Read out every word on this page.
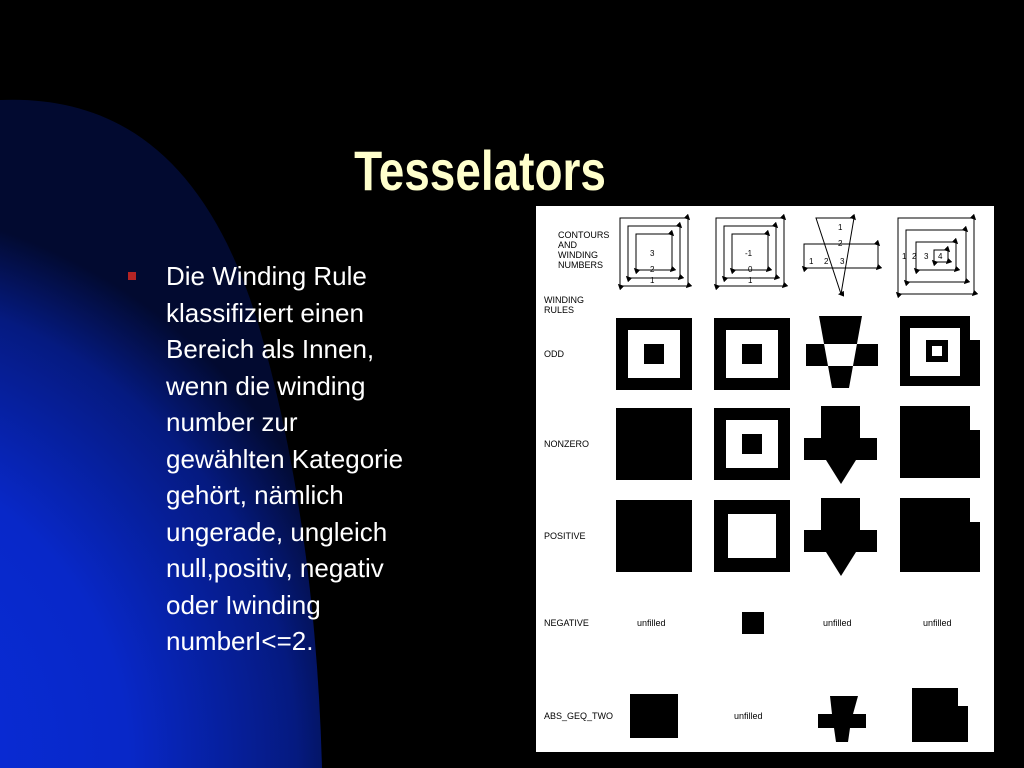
Tesselators
Die Winding Rule
klassifiziert einen
Bereich als Innen,
wenn die winding
number zur
gewählten Kategorie
gehört, nämlich
ungerade, ungleich
null,positiv, negativ
oder Iwinding
numberI<=2.
CONTOURS
AND
WINDING
NUMBERS
WINDING
RULES
ODD
NONZERO
POSITIVE
NEGATIVE
ABS_GEQ_TWO
unfilled	unfilled	unfilled
unfilled
3
2
1
-1
0
1
1
2
1 2 3
1 2 3 4
